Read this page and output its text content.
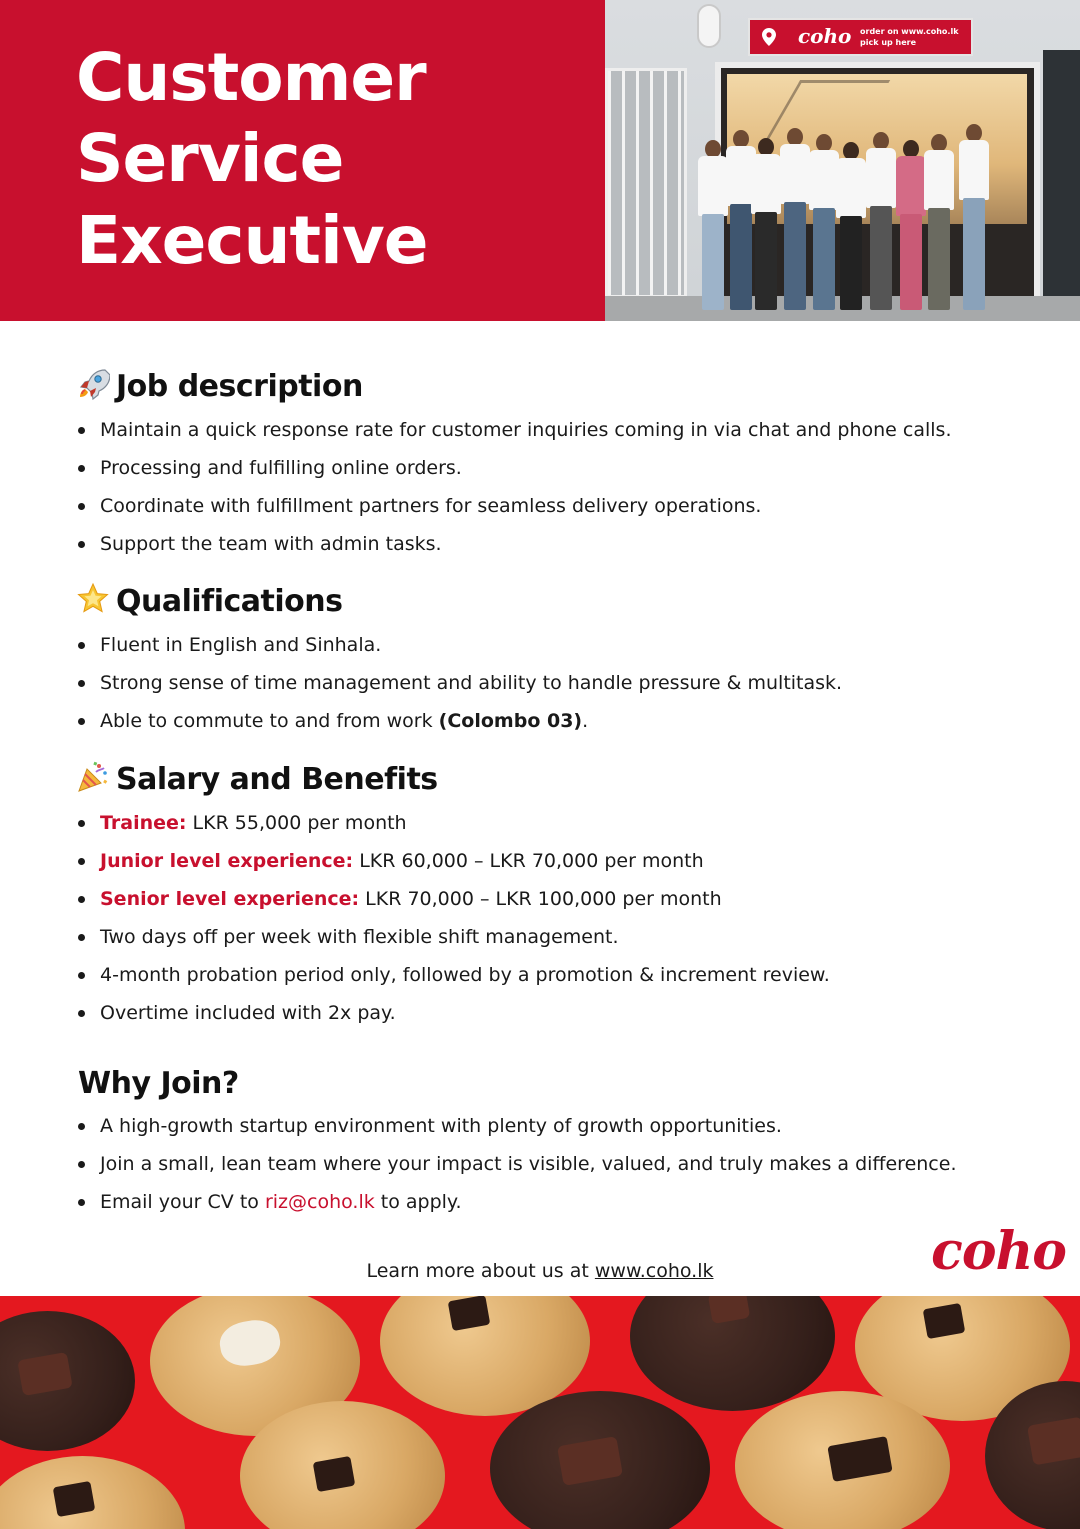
Customer
Service
Executive
coho order on www.coho.lk
pick up here
Job description
Maintain a quick response rate for customer inquiries coming in via chat and phone calls.
Processing and fulfilling online orders.
Coordinate with fulfillment partners for seamless delivery operations.
Support the team with admin tasks.
Qualifications
Fluent in English and Sinhala.
Strong sense of time management and ability to handle pressure & multitask.
Able to commute to and from work (Colombo 03).
Salary and Benefits
Trainee: LKR 55,000 per month
Junior level experience: LKR 60,000 – LKR 70,000 per month
Senior level experience: LKR 70,000 – LKR 100,000 per month
Two days off per week with flexible shift management.
4-month probation period only, followed by a promotion & increment review.
Overtime included with 2x pay.
Why Join?
A high-growth startup environment with plenty of growth opportunities.
Join a small, lean team where your impact is visible, valued, and truly makes a difference.
Email your CV to riz@coho.lk to apply.
Learn more about us at www.coho.lk	coho
